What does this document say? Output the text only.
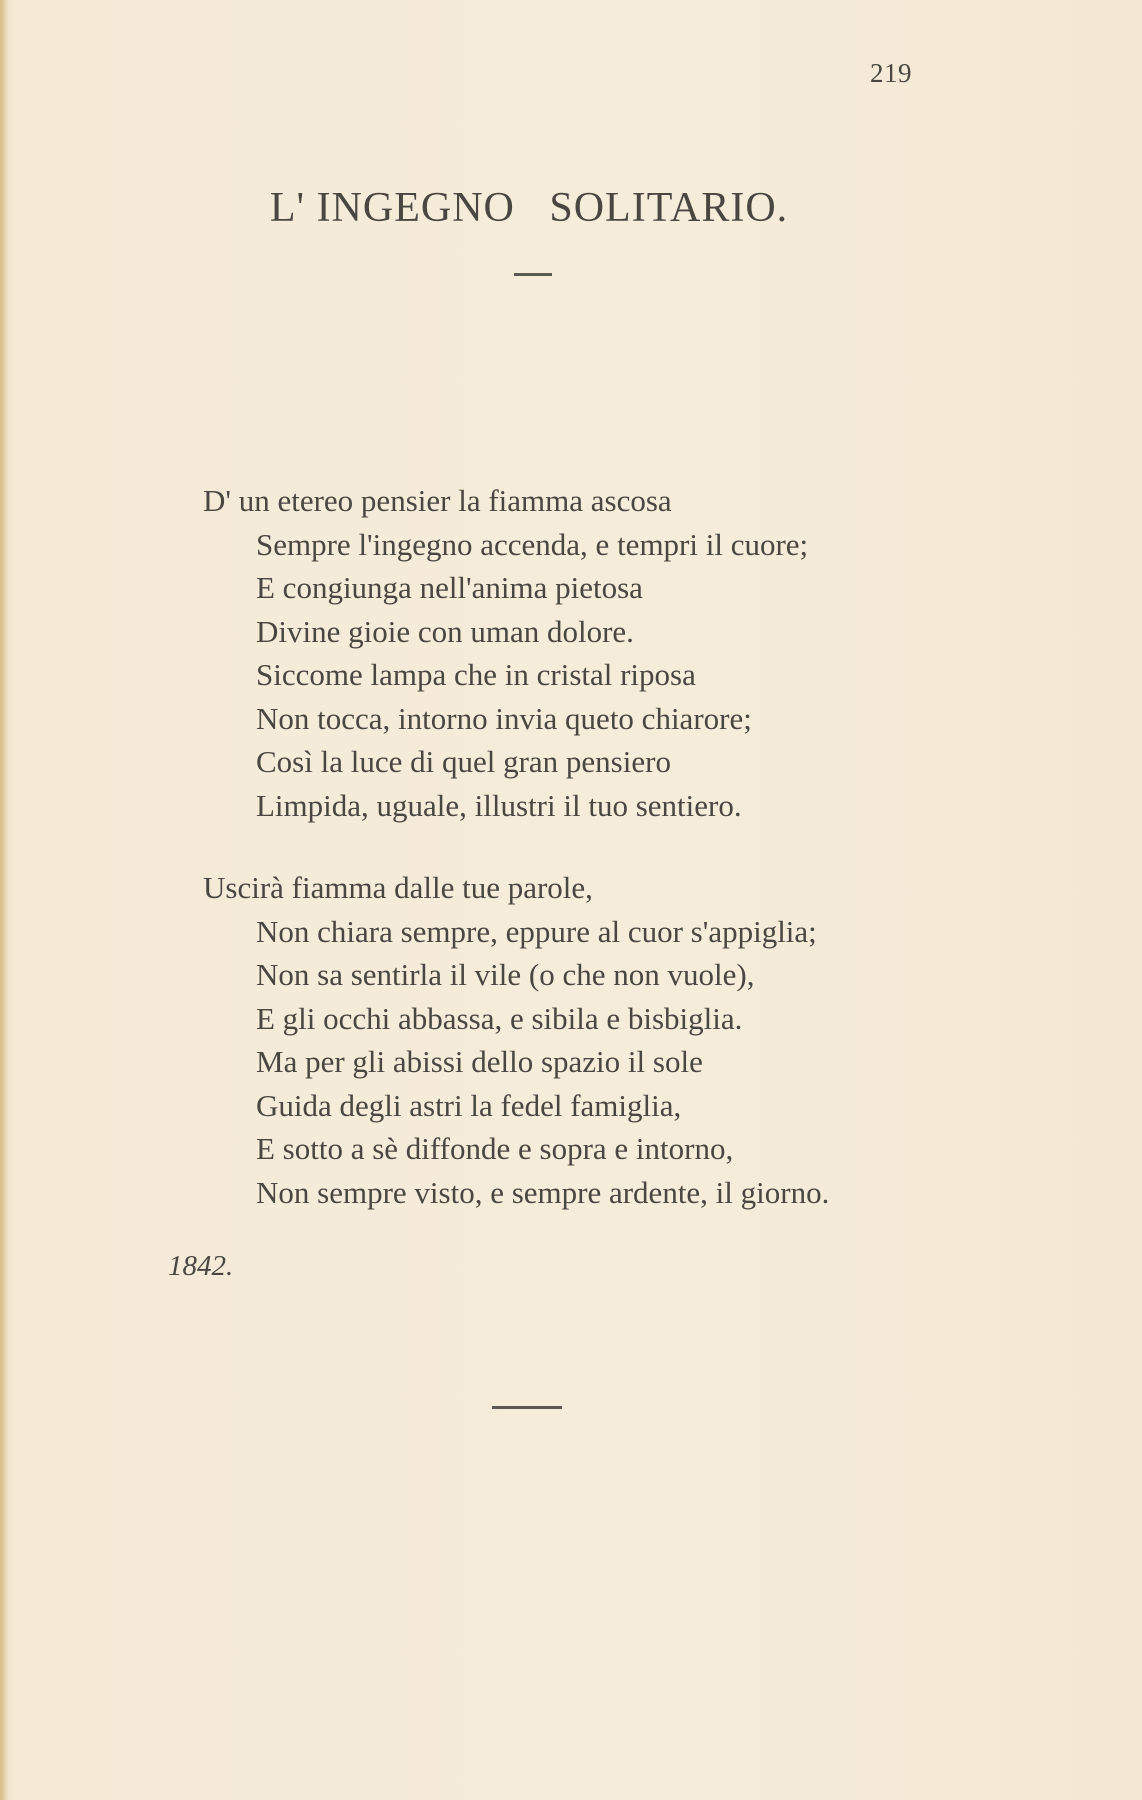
219
L' INGEGNO   SOLITARIO.
D' un etereo pensier la fiamma ascosa
Sempre l'ingegno accenda, e tempri il cuore;
E congiunga nell'anima pietosa
Divine gioie con uman dolore.
Siccome lampa che in cristal riposa
Non tocca, intorno invia queto chiarore;
Così la luce di quel gran pensiero
Limpida, uguale, illustri il tuo sentiero.
Uscirà fiamma dalle tue parole,
Non chiara sempre, eppure al cuor s'appiglia;
Non sa sentirla il vile (o che non vuole),
E gli occhi abbassa, e sibila e bisbiglia.
Ma per gli abissi dello spazio il sole
Guida degli astri la fedel famiglia,
E sotto a sè diffonde e sopra e intorno,
Non sempre visto, e sempre ardente, il giorno.
1842.
